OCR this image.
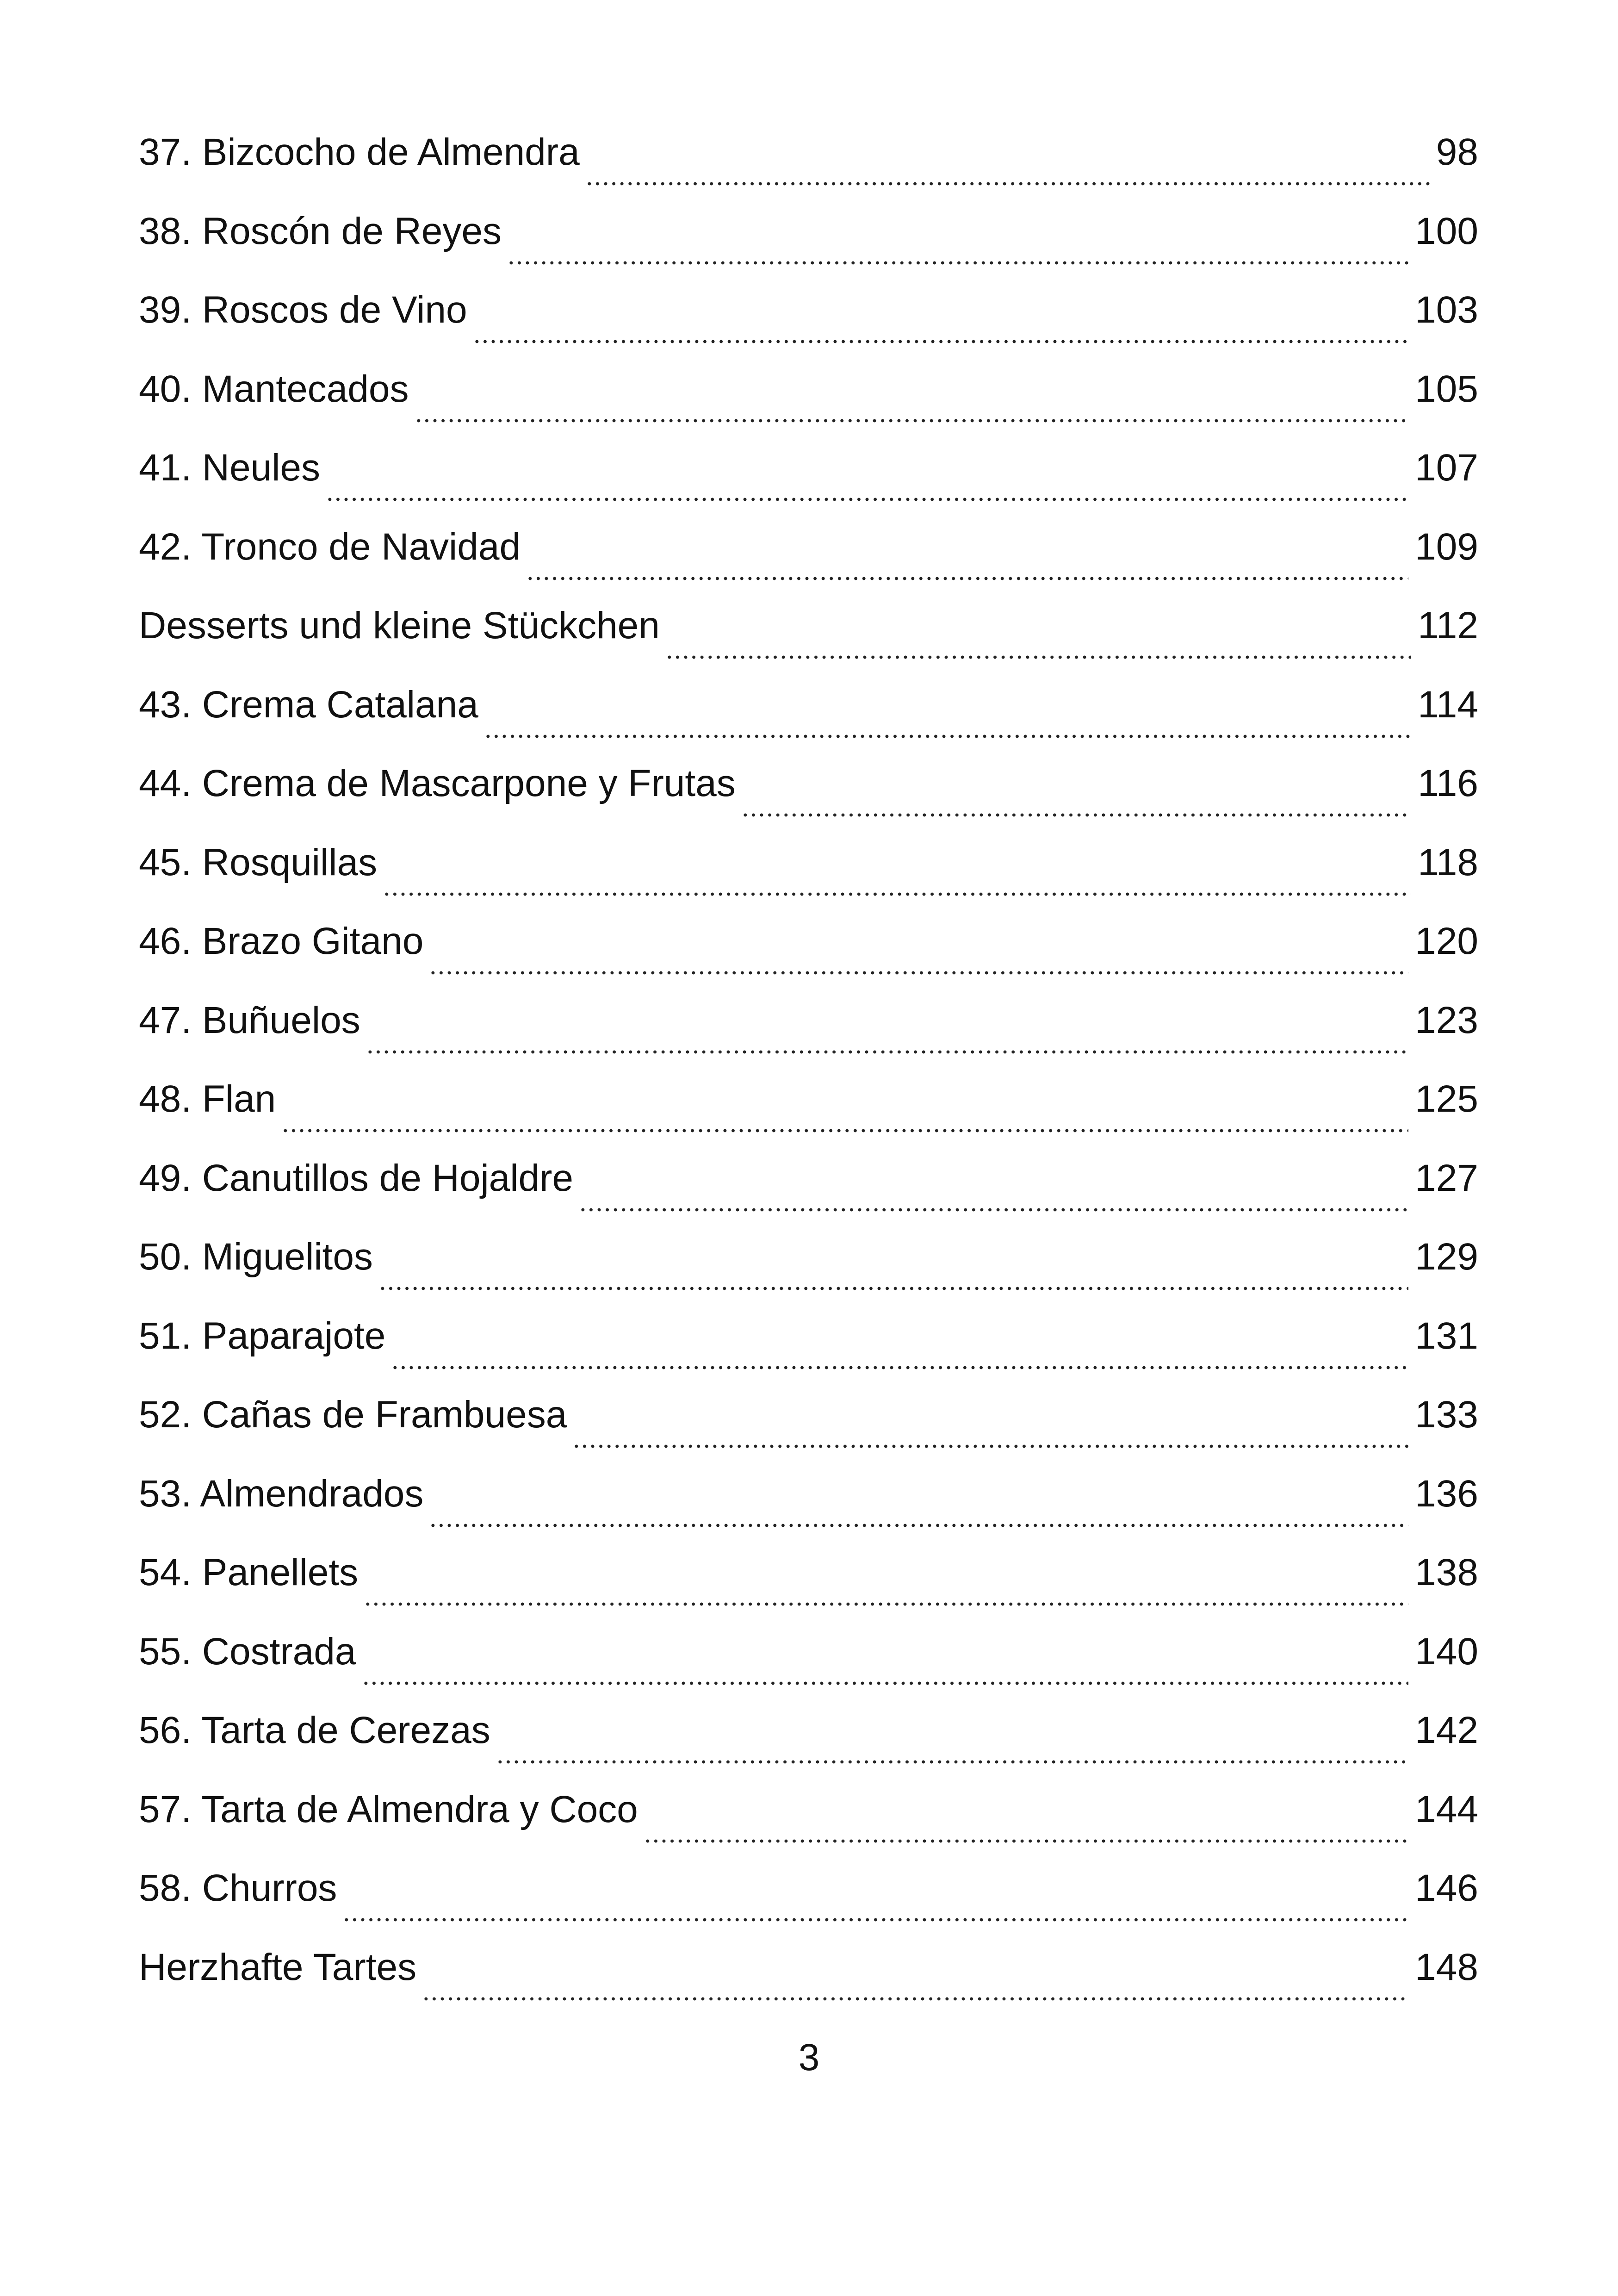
37. Bizcocho de Almendra	98
38. Roscón de Reyes	100
39. Roscos de Vino	103
40. Mantecados	105
41. Neules	107
42. Tronco de Navidad	109
Desserts und kleine Stückchen	112
43. Crema Catalana	114
44. Crema de Mascarpone y Frutas	116
45. Rosquillas	118
46. Brazo Gitano	120
47. Buñuelos	123
48. Flan	125
49. Canutillos de Hojaldre	127
50. Miguelitos	129
51. Paparajote	131
52. Cañas de Frambuesa	133
53. Almendrados	136
54. Panellets	138
55. Costrada	140
56. Tarta de Cerezas	142
57. Tarta de Almendra y Coco	144
58. Churros	146
Herzhafte Tartes	148
3
